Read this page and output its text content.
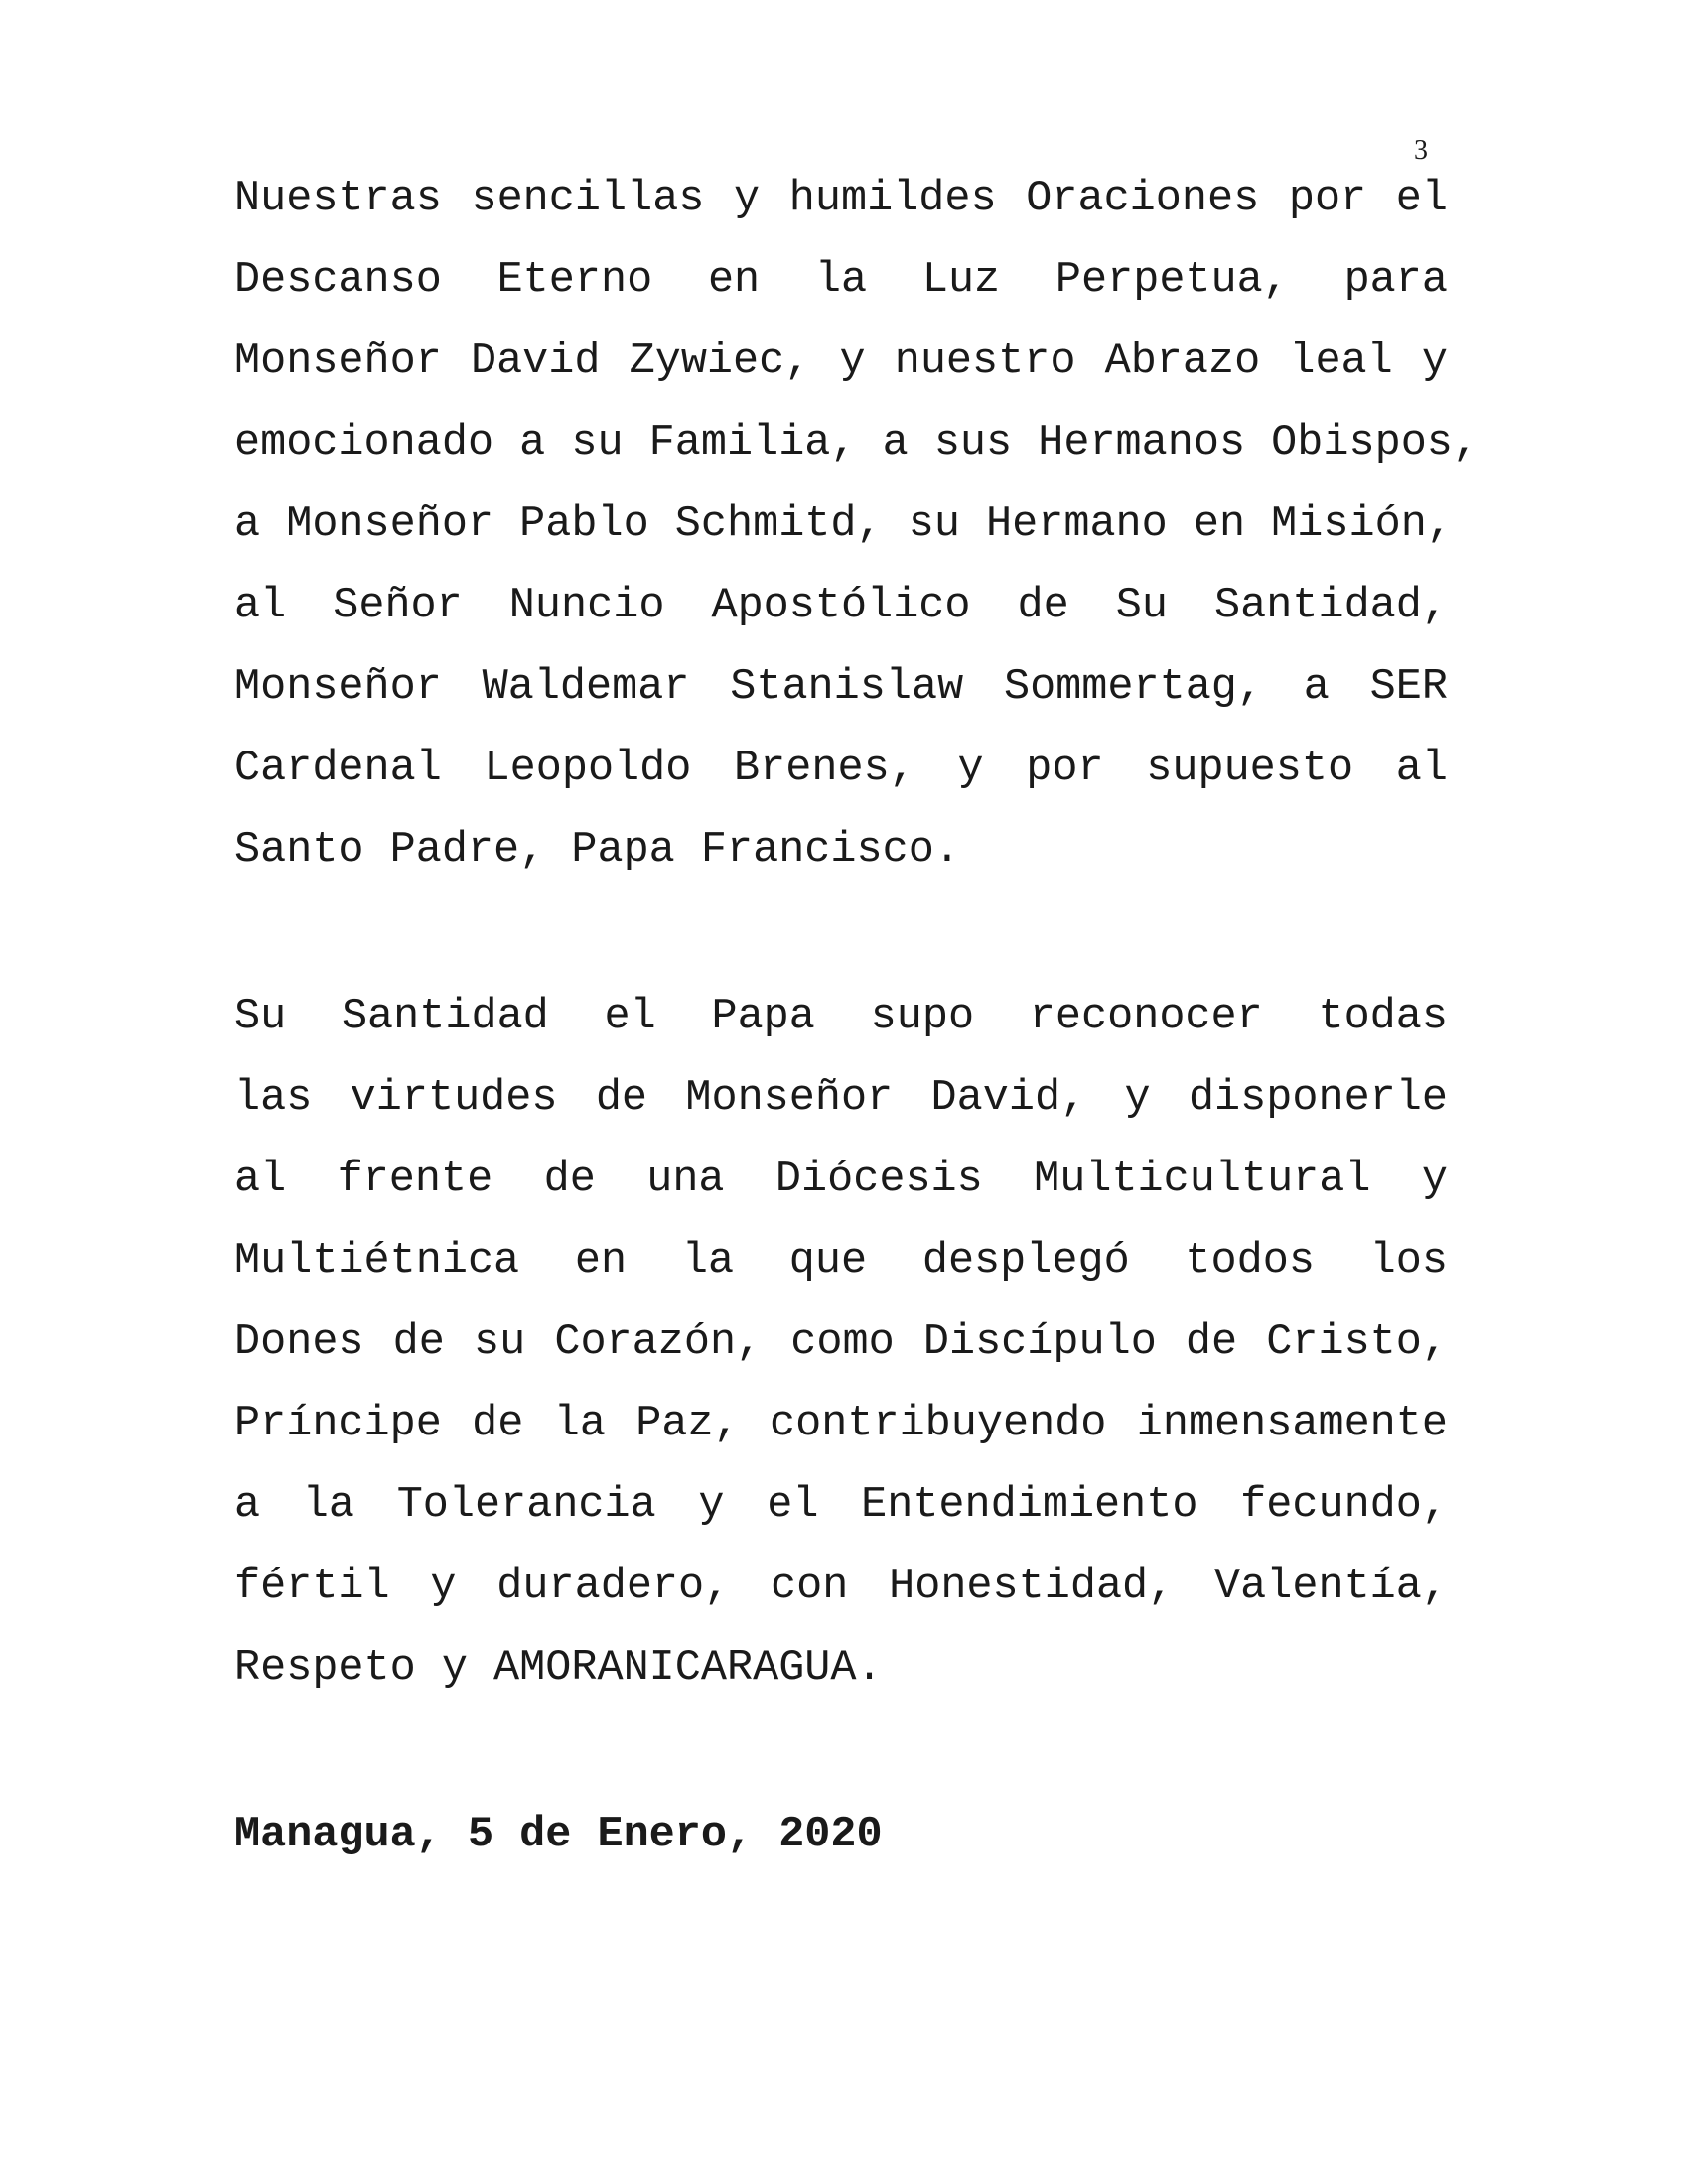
3
Nuestras sencillas y humildes Oraciones por el
Descanso Eterno en la Luz Perpetua, para
Monseñor David Zywiec, y nuestro Abrazo leal y
emocionado a su Familia, a sus Hermanos Obispos,
a Monseñor Pablo Schmitd, su Hermano en Misión,
al Señor Nuncio Apostólico de Su Santidad,
Monseñor Waldemar Stanislaw Sommertag, a SER
Cardenal Leopoldo Brenes, y por supuesto al
Santo Padre, Papa Francisco.
Su Santidad el Papa supo reconocer todas
las virtudes de Monseñor David, y disponerle
al frente de una Diócesis Multicultural y
Multiétnica en la que desplegó todos los
Dones de su Corazón, como Discípulo de Cristo,
Príncipe de la Paz, contribuyendo inmensamente
a la Tolerancia y el Entendimiento fecundo,
fértil y duradero, con Honestidad, Valentía,
Respeto y AMORANICARAGUA.

Managua, 5 de Enero, 2020
